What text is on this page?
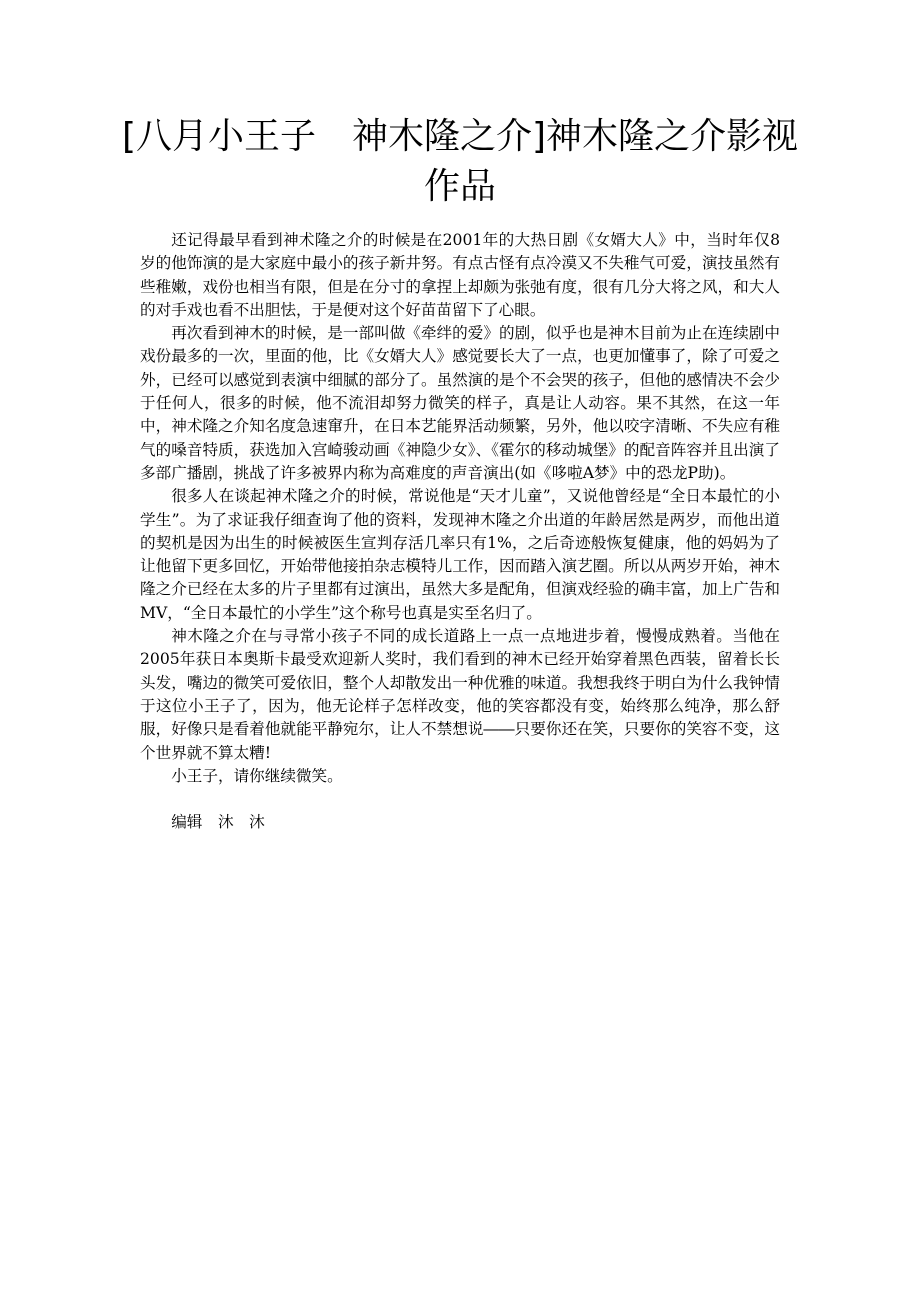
[八月小王子　神木隆之介]神木隆之介影视作品

还记得最早看到神术隆之介的时候是在2001年的大热日剧《女婿大人》中，当时年仅8岁的他饰演的是大家庭中最小的孩子新井努。有点古怪有点冷漠又不失稚气可爱，演技虽然有些稚嫩，戏份也相当有限，但是在分寸的拿捏上却颇为张弛有度，很有几分大将之风，和大人的对手戏也看不出胆怯，于是便对这个好苗苗留下了心眼。

再次看到神木的时候，是一部叫做《牵绊的爱》的剧，似乎也是神木目前为止在连续剧中戏份最多的一次，里面的他，比《女婿大人》感觉要长大了一点，也更加懂事了，除了可爱之外，已经可以感觉到表演中细腻的部分了。虽然演的是个不会哭的孩子，但他的感情决不会少于任何人，很多的时候，他不流泪却努力微笑的样子，真是让人动容。果不其然，在这一年中，神术隆之介知名度急速窜升，在日本艺能界活动频繁，另外，他以咬字清晰、不失应有稚气的嗓音特质，获选加入宫崎骏动画《神隐少女》、《霍尔的移动城堡》的配音阵容并且出演了多部广播剧，挑战了许多被界内称为高难度的声音演出(如《哆啦A梦》中的恐龙P助)。

很多人在谈起神术隆之介的时候，常说他是“天才儿童”，又说他曾经是“全日本最忙的小学生”。为了求证我仔细查询了他的资料，发现神木隆之介出道的年龄居然是两岁，而他出道的契机是因为出生的时候被医生宣判存活几率只有1%，之后奇迹般恢复健康，他的妈妈为了让他留下更多回忆，开始带他接拍杂志模特儿工作，因而踏入演艺圈。所以从两岁开始，神木隆之介已经在太多的片子里都有过演出，虽然大多是配角，但演戏经验的确丰富，加上广告和MV，“全日本最忙的小学生”这个称号也真是实至名归了。

神木隆之介在与寻常小孩子不同的成长道路上一点一点地进步着，慢慢成熟着。当他在2005年获日本奥斯卡最受欢迎新人奖时，我们看到的神木已经开始穿着黑色西装，留着长长头发，嘴边的微笑可爱依旧，整个人却散发出一种优雅的味道。我想我终于明白为什么我钟情于这位小王子了，因为，他无论样子怎样改变，他的笑容都没有变，始终那么纯净，那么舒服，好像只是看着他就能平静宛尔，让人不禁想说――只要你还在笑，只要你的笑容不变，这个世界就不算太糟!

小王子，请你继续微笑。

编辑　沐　沐
